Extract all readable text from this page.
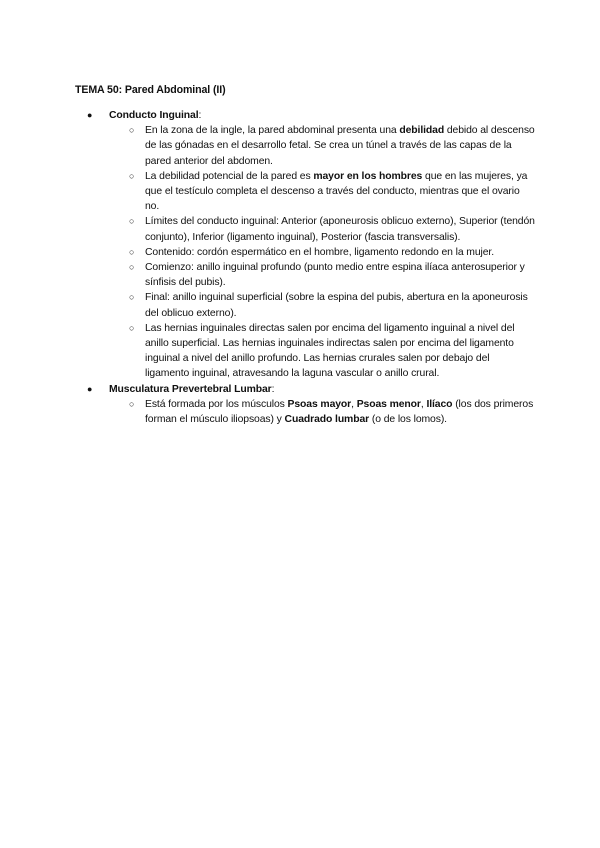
TEMA 50: Pared Abdominal (II)
● Conducto Inguinal:
○ En la zona de la ingle, la pared abdominal presenta una debilidad debido al descenso de las gónadas en el desarrollo fetal. Se crea un túnel a través de las capas de la pared anterior del abdomen.
○ La debilidad potencial de la pared es mayor en los hombres que en las mujeres, ya que el testículo completa el descenso a través del conducto, mientras que el ovario no.
○ Límites del conducto inguinal: Anterior (aponeurosis oblicuo externo), Superior (tendón conjunto), Inferior (ligamento inguinal), Posterior (fascia transversalis).
○ Contenido: cordón espermático en el hombre, ligamento redondo en la mujer.
○ Comienzo: anillo inguinal profundo (punto medio entre espina ilíaca anterosuperior y sínfisis del pubis).
○ Final: anillo inguinal superficial (sobre la espina del pubis, abertura en la aponeurosis del oblicuo externo).
○ Las hernias inguinales directas salen por encima del ligamento inguinal a nivel del anillo superficial. Las hernias inguinales indirectas salen por encima del ligamento inguinal a nivel del anillo profundo. Las hernias crurales salen por debajo del ligamento inguinal, atravesando la laguna vascular o anillo crural.
● Musculatura Prevertebral Lumbar:
○ Está formada por los músculos Psoas mayor, Psoas menor, Ilíaco (los dos primeros forman el músculo iliopsoas) y Cuadrado lumbar (o de los lomos).
